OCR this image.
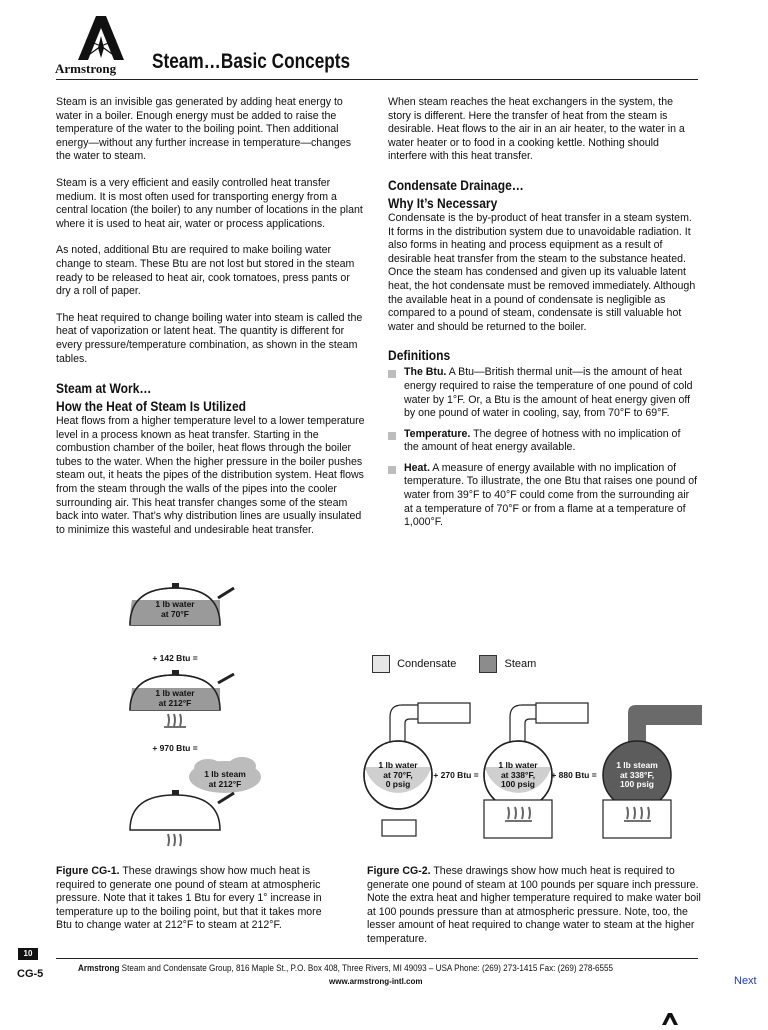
Armstrong Steam…Basic Concepts

Steam is an invisible gas generated by adding heat energy to water in a boiler. Enough energy must be added to raise the temperature of the water to the boiling point. Then additional energy—without any further increase in temperature—changes the water to steam.

Steam is a very efficient and easily controlled heat transfer medium. It is most often used for transporting energy from a central location (the boiler) to any number of locations in the plant where it is used to heat air, water or process applications.

As noted, additional Btu are required to make boiling water change to steam. These Btu are not lost but stored in the steam ready to be released to heat air, cook tomatoes, press pants or dry a roll of paper.

The heat required to change boiling water into steam is called the heat of vaporization or latent heat. The quantity is different for every pressure/temperature combination, as shown in the steam tables.

Steam at Work…
How the Heat of Steam Is Utilized

Heat flows from a higher temperature level to a lower temperature level in a process known as heat transfer. Starting in the combustion chamber of the boiler, heat flows through the boiler tubes to the water. When the higher pressure in the boiler pushes steam out, it heats the pipes of the distribution system. Heat flows from the steam through the walls of the pipes into the cooler surrounding air. This heat transfer changes some of the steam back into water. That’s why distribution lines are usually insulated to minimize this wasteful and undesirable heat transfer.

When steam reaches the heat exchangers in the system, the story is different. Here the transfer of heat from the steam is desirable. Heat flows to the air in an air heater, to the water in a water heater or to food in a cooking kettle. Nothing should interfere with this heat transfer.

Condensate Drainage…
Why It’s Necessary

Condensate is the by-product of heat transfer in a steam system. It forms in the distribution system due to unavoidable radiation. It also forms in heating and process equipment as a result of desirable heat transfer from the steam to the substance heated. Once the steam has condensed and given up its valuable latent heat, the hot condensate must be removed immediately. Although the available heat in a pound of condensate is negligible as compared to a pound of steam, condensate is still valuable hot water and should be returned to the boiler.

Definitions

The Btu. A Btu—British thermal unit—is the amount of heat energy required to raise the temperature of one pound of cold water by 1°F. Or, a Btu is the amount of heat energy given off by one pound of water in cooling, say, from 70°F to 69°F.

Temperature. The degree of hotness with no implication of the amount of heat energy available.

Heat. A measure of energy available with no implication of temperature. To illustrate, the one Btu that raises one pound of water from 39°F to 40°F could come from the surrounding air at a temperature of 70°F or from a flame at a temperature of 1,000°F.

1 lb water
at 70°F
+ 142 Btu =
1 lb water
at 212°F
+ 970 Btu =
1 lb steam
at 212°F
Condensate	Steam
1 lb water
at 70°F,
0 psig
+ 270 Btu =
1 lb water
at 338°F,
100 psig
+ 880 Btu =
1 lb steam
at 338°F,
100 psig
Figure CG-1. These drawings show how much heat is required to generate one pound of steam at atmospheric pressure. Note that it takes 1 Btu for every 1° increase in temperature up to the boiling point, but that it takes more Btu to change water at 212°F to steam at 212°F.
Figure CG-2. These drawings show how much heat is required to generate one pound of steam at 100 pounds per square inch pressure. Note the extra heat and higher temperature required to make water boil at 100 pounds pressure than at atmospheric pressure. Note, too, the lesser amount of heat required to change water to steam at the higher temperature.
10
CG-5	Armstrong Steam and Condensate Group, 816 Maple St., P.O. Box 408, Three Rivers, MI 49093 – USA Phone: (269) 273-1415 Fax: (269) 278-6555
www.armstrong-intl.com	Next
